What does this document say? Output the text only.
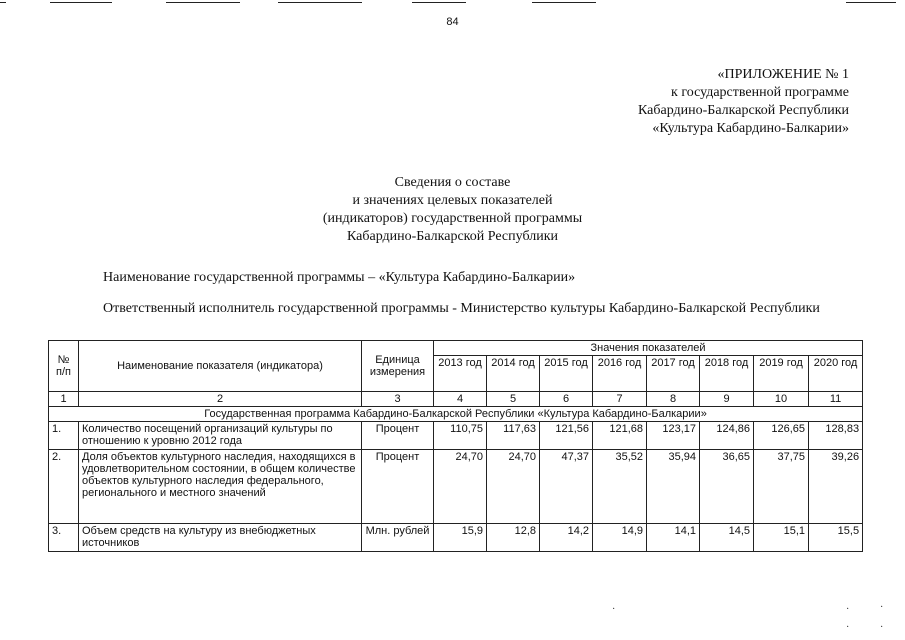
84
«ПРИЛОЖЕНИЕ № 1
к государственной программе
Кабардино-Балкарской Республики
«Культура Кабардино-Балкарии»
Сведения о составе
и значениях целевых показателей
(индикаторов) государственной программы
Кабардино-Балкарской Республики
Наименование государственной программы – «Культура Кабардино-Балкарии»
Ответственный исполнитель государственной программы - Министерство культуры Кабардино-Балкарской Республики
№ п/п	Наименование показателя (индикатора)	Единица измерения	Значения показателей							
			2013 год	2014 год	2015 год	2016 год	2017 год	2018 год	2019 год	2020 год
1	2	3	4	5	6	7	8	9	10	11
Государственная программа Кабардино-Балкарской Республики «Культура Кабардино-Балкарии»										
1.	Количество посещений организаций культуры по отношению к уровню 2012 года	Процент	110,75	117,63	121,56	121,68	123,17	124,86	126,65	128,83
2.	Доля объектов культурного наследия, находящихся в удовлетворительном состоянии, в общем количестве объектов культурного наследия федерального, регионального и местного значений	Процент	24,70	24,70	47,37	35,52	35,94	36,65	37,75	39,26
3.	Объем средств на культуру из внебюджетных источников	Млн. рублей	15,9	12,8	14,2	14,9	14,1	14,5	15,1	15,5
·	·	·
·	·
